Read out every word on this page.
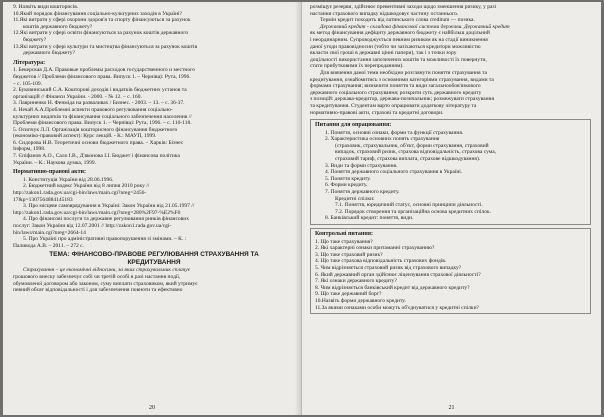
9. Назвіть види кошторисів.
10.Який порядок фінансування соціально-культурних заходів в Україні?
11.Які витрати у сфері охорони здоров'я та спорту фінансуються за рахунок
коштів державного бюджету?
12.Які витрати у сфері освіти фінансуються за рахунок коштів державного
бюджету?
13.Які витрати у сфері культури та мистецтва фінансуються за рахунок коштів
державного бюджету?
Література:
1. Бекерская Д.А. Правовые проблемы расходов государственного и местного
бюджетов // Проблеми фінансового права. Випуск 1. – Чернівці: Рута, 1996.
– с. 105-109.
2. Буковинський С.А. Кошторові доходів і видатків бюджетних установ та
організацій // Фінанси України. - 2000. - № 12. – с. 160.
3. Лавриненко Н. Фенміда на разваливах / Бизнес. - 2003. – 13. – с. 36-37.
4. Нечай А.А.Проблемні аспекти правового регулювання соціально-
культурних видатків та фінансування соціального забезпечення населення //
Проблеми фінансового права. Випуск 1. – Чернівці: Рута, 1996. – с. 110-118.
5. Осипчук Л.Л. Організація кошторисного фінансування бюджетного
(економіко-правовий аспект): Курс лекцій. - К.: МАУП, 1999.
6. Сидорова Н.В. Теоретичні основи бюджетного права. – Харків: Бізнес
Інформ, 1998.
7. Єпіфанов А.О., Сало І.В., Д'яконова І.І. Бюджет і фінансова політика
України. – К.: Наукова думка, 1999.
Нормативно-правові акти:
1. Конституція України від 28.06.1996.
2. Бюджетний кодекс України від 8 липня 2010 року //
http://zakon1.rada.gov.ua/cgi-bin/laws/main.cgi?nreg=2456-
17&p=1307564884145183
3. Про місцеве самоврядування в Україні: Закон України від 21.05.1997 //
http://zakon1.rada.gov.ua/cgi-bin/laws/main.cgi?nreg=280%2F97-%E2%F0
4. Про фінансові послуги та державне регулювання ринків фінансових
послуг: Закон України від 12.07.2001 // http://zakon1.rada.gov.ua/cgi-
bin/laws/main.cgi?nreg=2664-14
5. Про Україні про адміністративні правопорушення зі змінами. – К. :
Паливода А.В. – 2011. – 272 с.
ТЕМА: ФІНАНСОВО-ПРАВОВЕ РЕГУЛЮВАННЯ СТРАХУВАННЯ ТА
КРЕДИТУВАННЯ
Страхування – це економічні відносини, за яких страхувальник сплачує
грошового внеску забезпечує собі чи третій особі в разі настання події,
обумовленої договором або законом, суму виплати страховиком, який утримує
певний обсяг відповідальності і для забезпечення повноти та ефективно
20
розміщує резерви, здійснює превентивні заходи щодо зменшення ризику, у разі
настання страхового випадку відшкодовує частину останнього.
Термін кредит походить від латинського слова creditum — позика.
Державний кредит - складова фінансової системи держави. Державний кредит
як метод фінансування дефіциту державного бюджету є найбільш доцільний
і неординарним. Супроводжується певним ризиком як на стадії виникнення
даної угоди правовідносин (тобто чи зазіхаються кредитори можливістю
вкласти свої гроші в державні цінні папери), так і з точки зору
доцільності використання запозичених коштів та можливості їх повернути,
стати прибутковими їх перепроданням).
Для вивчення даної теми необхідно розглянути поняття страхування та
кредитування, ознайомитись з основними категоріями страхування, видами та
формами страхування; визначити поняття та види загальнообов'язкового
державного соціального страхування; розкрити суть державного кредиту
з позицій: держава-кредитор, держава-позичальник; розмежувати страхування
та кредитування. Студентам варто опрацювати додаткову літературу та
нормативно-правові акти, страхові та кредитні договори.
Питання для опрацювання:
1. Поняття, основні ознаки, форми та функції страхування.
2. Характеристика основних понять страхування
(страховик, страхувальник, об'єкт, форми страхування, страховий
випадок, страховий ризик, страхова відповідальність, страхова сума,
страховий тариф, страхова виплата, страхове відшкодування).
3. Види та форми страхування.
4. Поняття державного соціального страхування в Україні.
5. Поняття кредиту.
6. Форми кредиту.
7. Поняття державного кредиту.
Кредитні спілки:
7.1. Поняття, юридичний статус, основні принципи діяльності.
7.2. Порядок створення та організаційна основа кредитних спілок.
8. Банківський кредит: поняття, види.
Контрольні питання:
1. Що таке страхування?
2. Які характерні ознаки притаманні страхуванню?
3. Що таке страховий ризик?
4. Що таке страхова відповідальність страхових фондів.
5. Чим відрізняється страховий ризик від страхового випадку?
6. Який державний орган здійснює ліцензування страхової діяльності?
7. Які ознаки державного кредиту?
8. Чим відрізняється банківський кредит від державного кредиту?
9. Що таке державний борг?
10.Назвіть форми державного кредиту.
11.За якими ознаками особи можуть об'єднуватися у кредитні спілки?
21
